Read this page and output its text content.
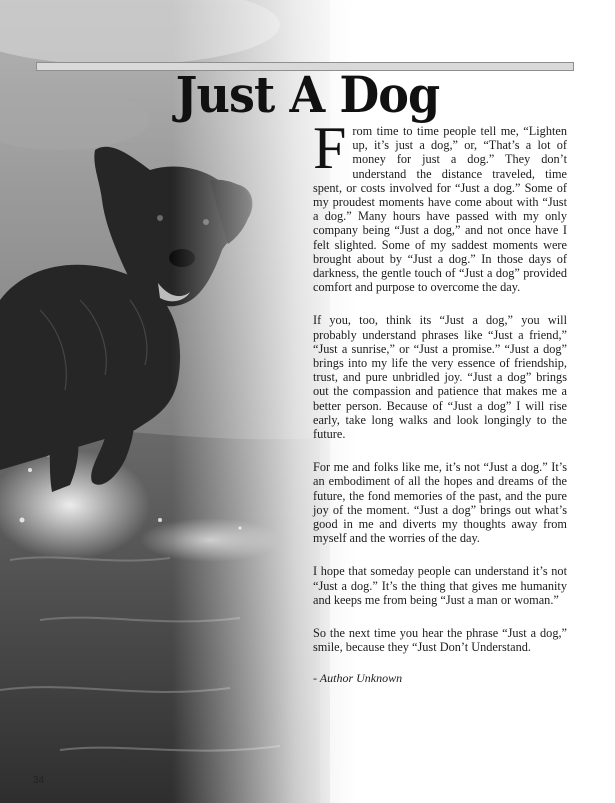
Just A Dog

From time to time people tell me, “Lighten up, it’s just a dog,” or, “That’s a lot of money for just a dog.” They don’t understand the distance traveled, time spent, or costs involved for “Just a dog.” Some of my proudest moments have come about with “Just a dog.” Many hours have passed with my only company being “Just a dog,” and not once have I felt slighted. Some of my saddest moments were brought about by “Just a dog.” In those days of darkness, the gentle touch of “Just a dog” provided comfort and purpose to overcome the day.

If you, too, think its “Just a dog,” you will probably understand phrases like “Just a friend,” “Just a sunrise,” or “Just a promise.” “Just a dog” brings into my life the very essence of friendship, trust, and pure unbridled joy. “Just a dog” brings out the compassion and patience that makes me a better person. Because of “Just a dog” I will rise early, take long walks and look longingly to the future.

For me and folks like me, it’s not “Just a dog.” It’s an embodiment of all the hopes and dreams of the future, the fond memories of the past, and the pure joy of the moment. “Just a dog” brings out what’s good in me and diverts my thoughts away from myself and the worries of the day.

I hope that someday people can understand it’s not “Just a dog.” It’s the thing that gives me humanity and keeps me from being “Just a man or woman.”

So the next time you hear the phrase “Just a dog,” smile, because they “Just Don’t Understand.

- Author Unknown

34
